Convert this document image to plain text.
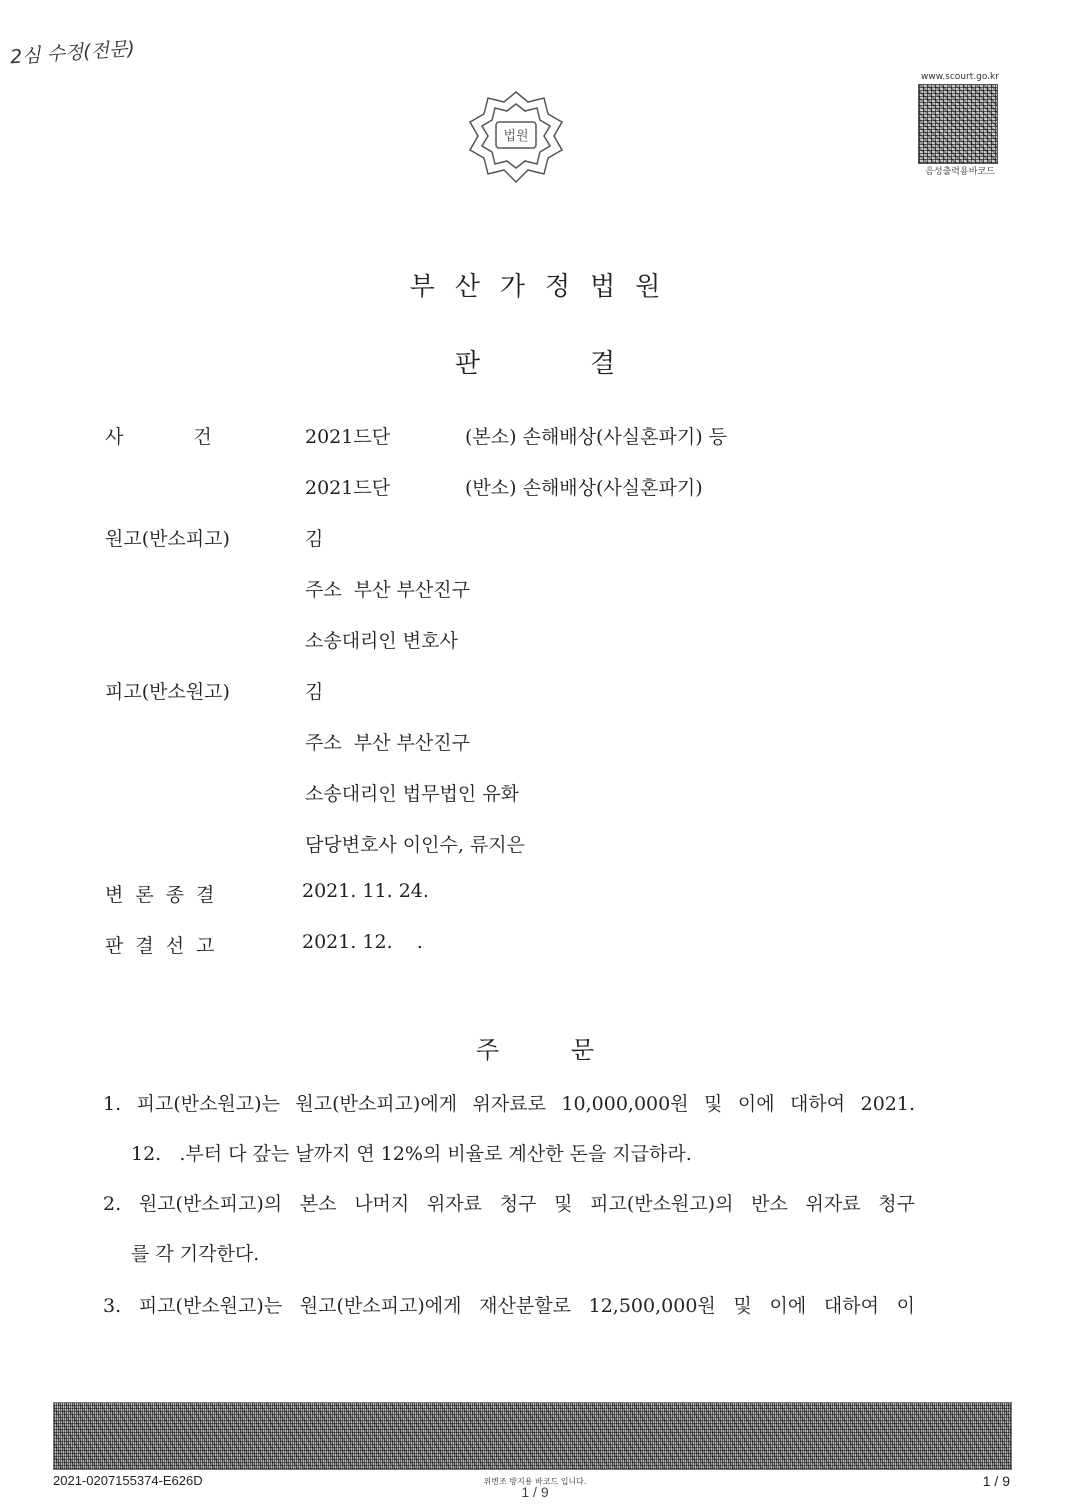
2심 수정(전문)
법원
www.scourt.go.kr
음성출력용바코드
부산가정법원
판결
사건 2021드단	(본소) 손해배상(사실혼파기) 등
2021드단	(반소) 손해배상(사실혼파기)
원고(반소피고)	김
주소  부산 부산진구
소송대리인 변호사
피고(반소원고)	김
주소  부산 부산진구
소송대리인 법무법인 유화
담당변호사 이인수, 류지은
변론종결	2021. 11. 24.
판결선고	2021. 12.    .
주문
1. 피고(반소원고)는 원고(반소피고)에게 위자료로 10,000,000원 및 이에 대하여 2021.
12.   .부터 다 갚는 날까지 연 12%의 비율로 계산한 돈을 지급하라.
2. 원고(반소피고)의 본소 나머지 위자료 청구 및 피고(반소원고)의 반소 위자료 청구
를 각 기각한다.
3. 피고(반소원고)는 원고(반소피고)에게 재산분할로 12,500,000원 및 이에 대하여 이
2021-0207155374-E626D	위변조 방지용 바코드 입니다.	1 / 9
1 / 9
